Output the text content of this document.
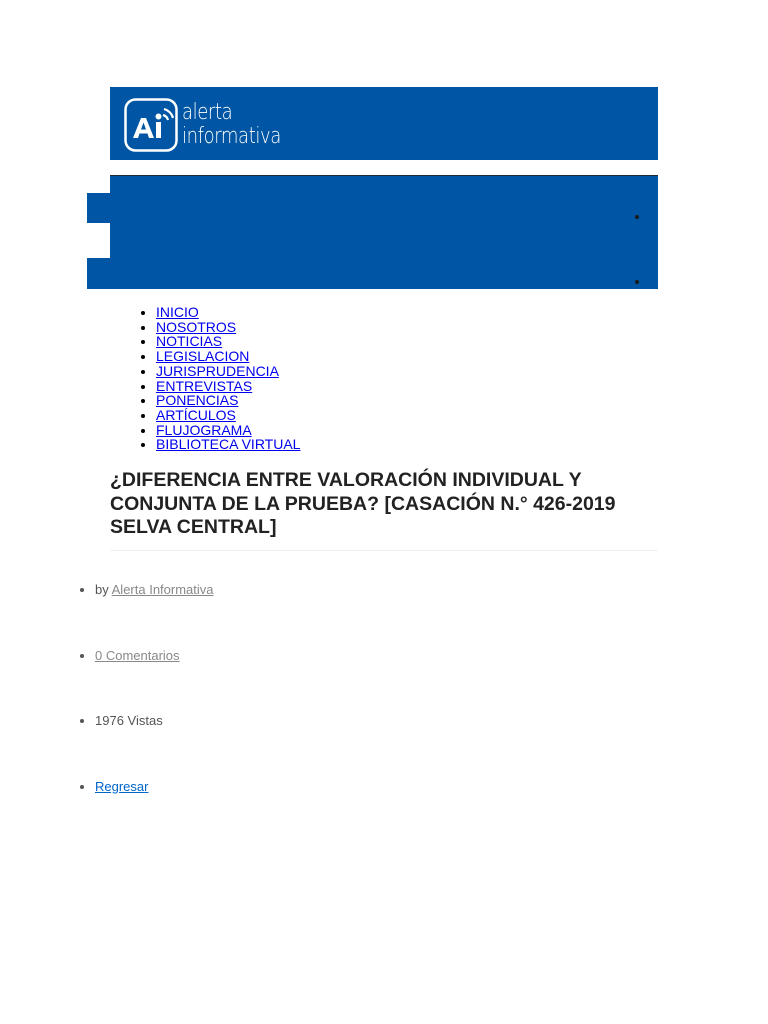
alerta
informativa
• INICIO
• NOSOTROS
• NOTICIAS
• LEGISLACION
• JURISPRUDENCIA
• ENTREVISTAS
• PONENCIAS
• ARTÍCULOS
• FLUJOGRAMA
• BIBLIOTECA VIRTUAL
¿DIFERENCIA ENTRE VALORACIÓN INDIVIDUAL Y CONJUNTA DE LA PRUEBA? [CASACIÓN N.° 426-2019 SELVA CENTRAL]
• by Alerta Informativa
• 0 Comentarios
• 1976 Vistas
• Regresar
